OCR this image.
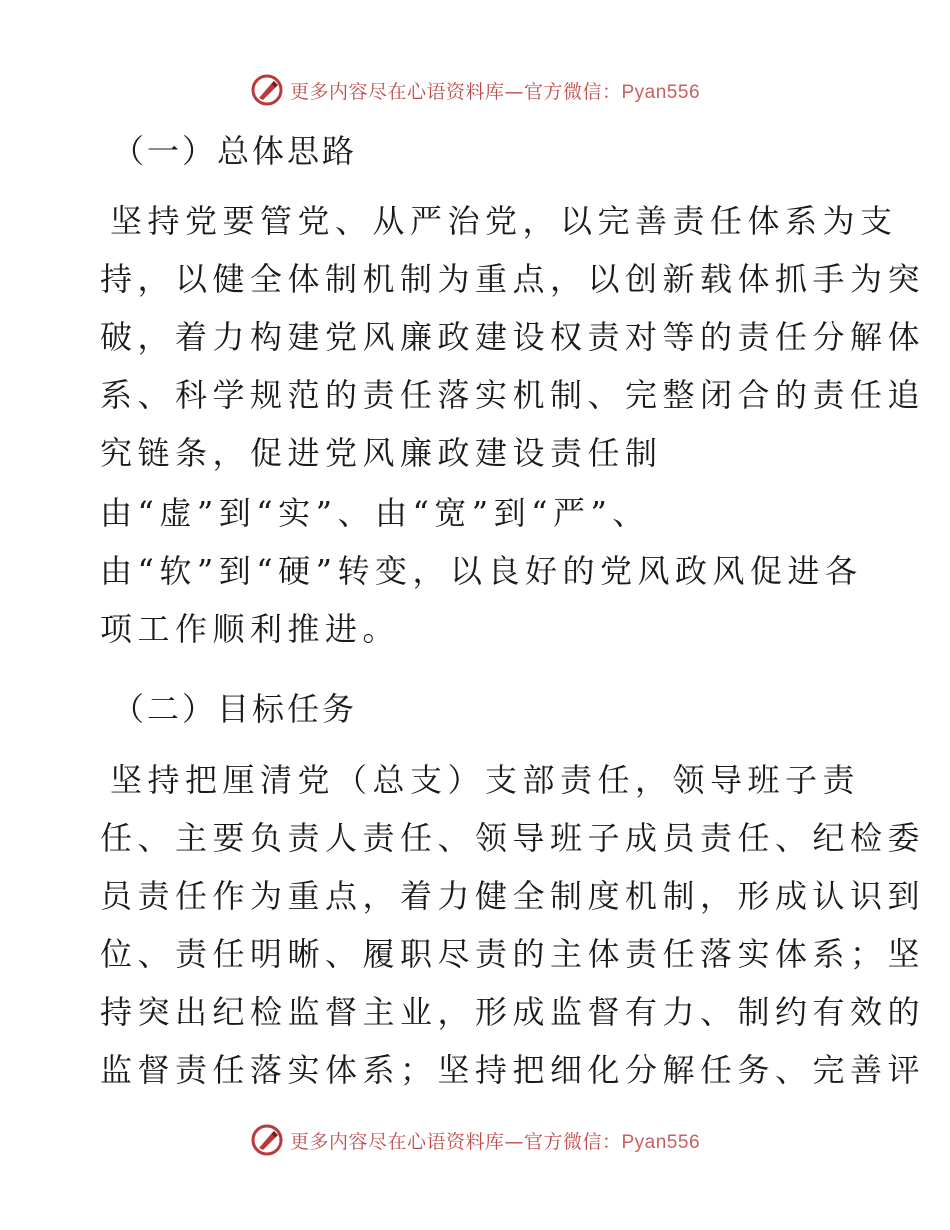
更多内容尽在心语资料库—官方微信：Pyan556
（一）总体思路
坚持党要管党、从严治党，以完善责任体系为支
持，以健全体制机制为重点，以创新载体抓手为突
破，着力构建党风廉政建设权责对等的责任分解体
系、科学规范的责任落实机制、完整闭合的责任追
究链条，促进党风廉政建设责任制
由“虚”到“实”、由“宽”到“严”、
由“软”到“硬”转变，以良好的党风政风促进各
项工作顺利推进。
（二）目标任务
坚持把厘清党（总支）支部责任，领导班子责
任、主要负责人责任、领导班子成员责任、纪检委
员责任作为重点，着力健全制度机制，形成认识到
位、责任明晰、履职尽责的主体责任落实体系；坚
持突出纪检监督主业，形成监督有力、制约有效的
监督责任落实体系；坚持把细化分解任务、完善评
更多内容尽在心语资料库—官方微信：Pyan556
